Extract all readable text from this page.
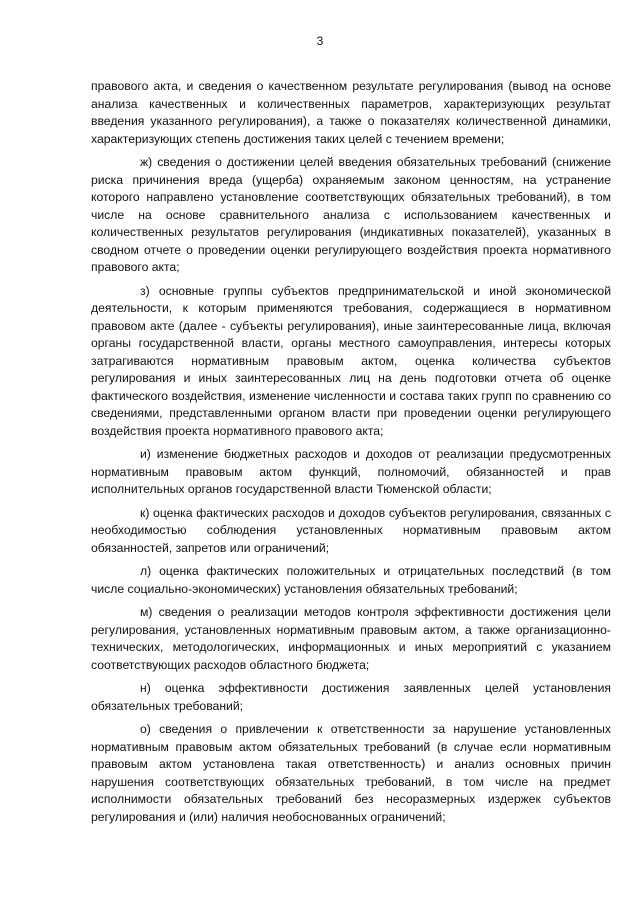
3

правового акта, и сведения о качественном результате регулирования (вывод на основе анализа качественных и количественных параметров, характеризующих результат введения указанного регулирования), а также о показателях количественной динамики, характеризующих степень достижения таких целей с течением времени;

ж) сведения о достижении целей введения обязательных требований (снижение риска причинения вреда (ущерба) охраняемым законом ценностям, на устранение которого направлено установление соответствующих обязательных требований), в том числе на основе сравнительного анализа с использованием качественных и количественных результатов регулирования (индикативных показателей), указанных в сводном отчете о проведении оценки регулирующего воздействия проекта нормативного правового акта;

з) основные группы субъектов предпринимательской и иной экономической деятельности, к которым применяются требования, содержащиеся в нормативном правовом акте (далее - субъекты регулирования), иные заинтересованные лица, включая органы государственной власти, органы местного самоуправления, интересы которых затрагиваются нормативным правовым актом, оценка количества субъектов регулирования и иных заинтересованных лиц на день подготовки отчета об оценке фактического воздействия, изменение численности и состава таких групп по сравнению со сведениями, представленными органом власти при проведении оценки регулирующего воздействия проекта нормативного правового акта;

и) изменение бюджетных расходов и доходов от реализации предусмотренных нормативным правовым актом функций, полномочий, обязанностей и прав исполнительных органов государственной власти Тюменской области;

к) оценка фактических расходов и доходов субъектов регулирования, связанных с необходимостью соблюдения установленных нормативным правовым актом обязанностей, запретов или ограничений;

л) оценка фактических положительных и отрицательных последствий (в том числе социально-экономических) установления обязательных требований;

м) сведения о реализации методов контроля эффективности достижения цели регулирования, установленных нормативным правовым актом, а также организационно-технических, методологических, информационных и иных мероприятий с указанием соответствующих расходов областного бюджета;

н) оценка эффективности достижения заявленных целей установления обязательных требований;

о) сведения о привлечении к ответственности за нарушение установленных нормативным правовым актом обязательных требований (в случае если нормативным правовым актом установлена такая ответственность) и анализ основных причин нарушения соответствующих обязательных требований, в том числе на предмет исполнимости обязательных требований без несоразмерных издержек субъектов регулирования и (или) наличия необоснованных ограничений;
